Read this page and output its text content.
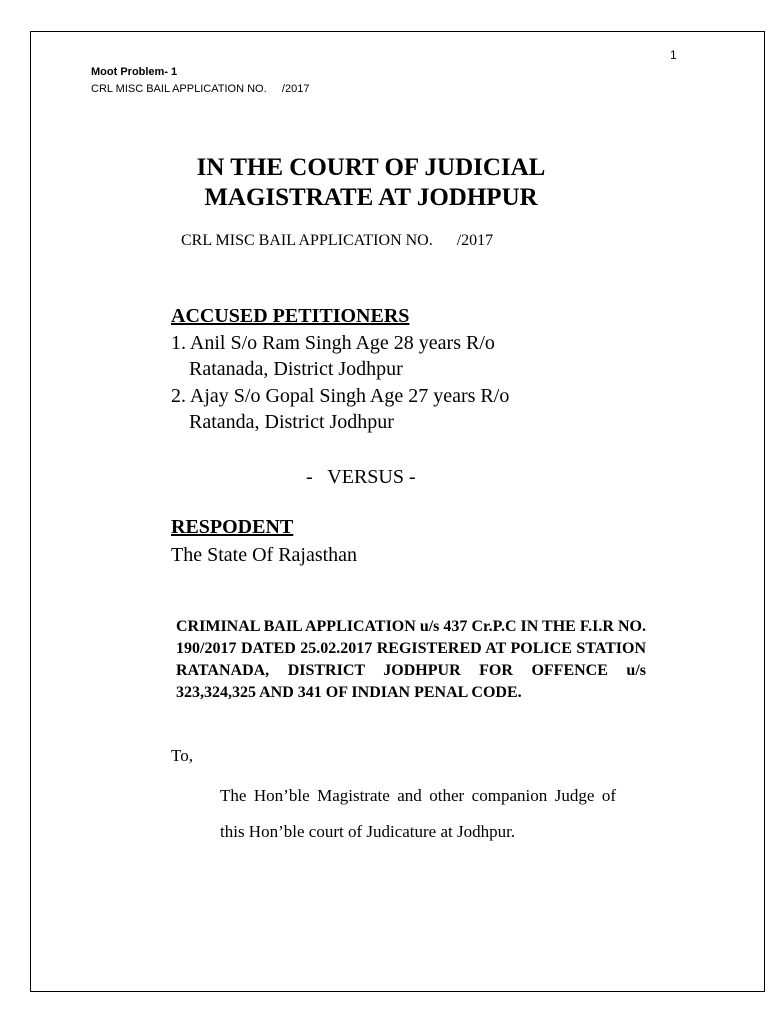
1
Moot Problem- 1
CRL MISC BAIL APPLICATION NO.     /2017
IN THE COURT OF JUDICIAL
MAGISTRATE AT JODHPUR
CRL MISC BAIL APPLICATION NO.      /2017
ACCUSED PETITIONERS
1. Anil S/o Ram Singh Age 28 years R/o
Ratanada, District Jodhpur
2. Ajay S/o Gopal Singh Age 27 years R/o
Ratanda, District Jodhpur
-   VERSUS -
RESPODENT
The State Of Rajasthan
CRIMINAL BAIL APPLICATION u/s 437 Cr.P.C IN THE F.I.R NO. 190/2017 DATED 25.02.2017 REGISTERED AT POLICE STATION RATANADA, DISTRICT JODHPUR FOR OFFENCE u/s 323,324,325 AND 341 OF INDIAN PENAL CODE.
To,
The Hon’ble Magistrate and other companion Judge of this Hon’ble court of Judicature at Jodhpur.
